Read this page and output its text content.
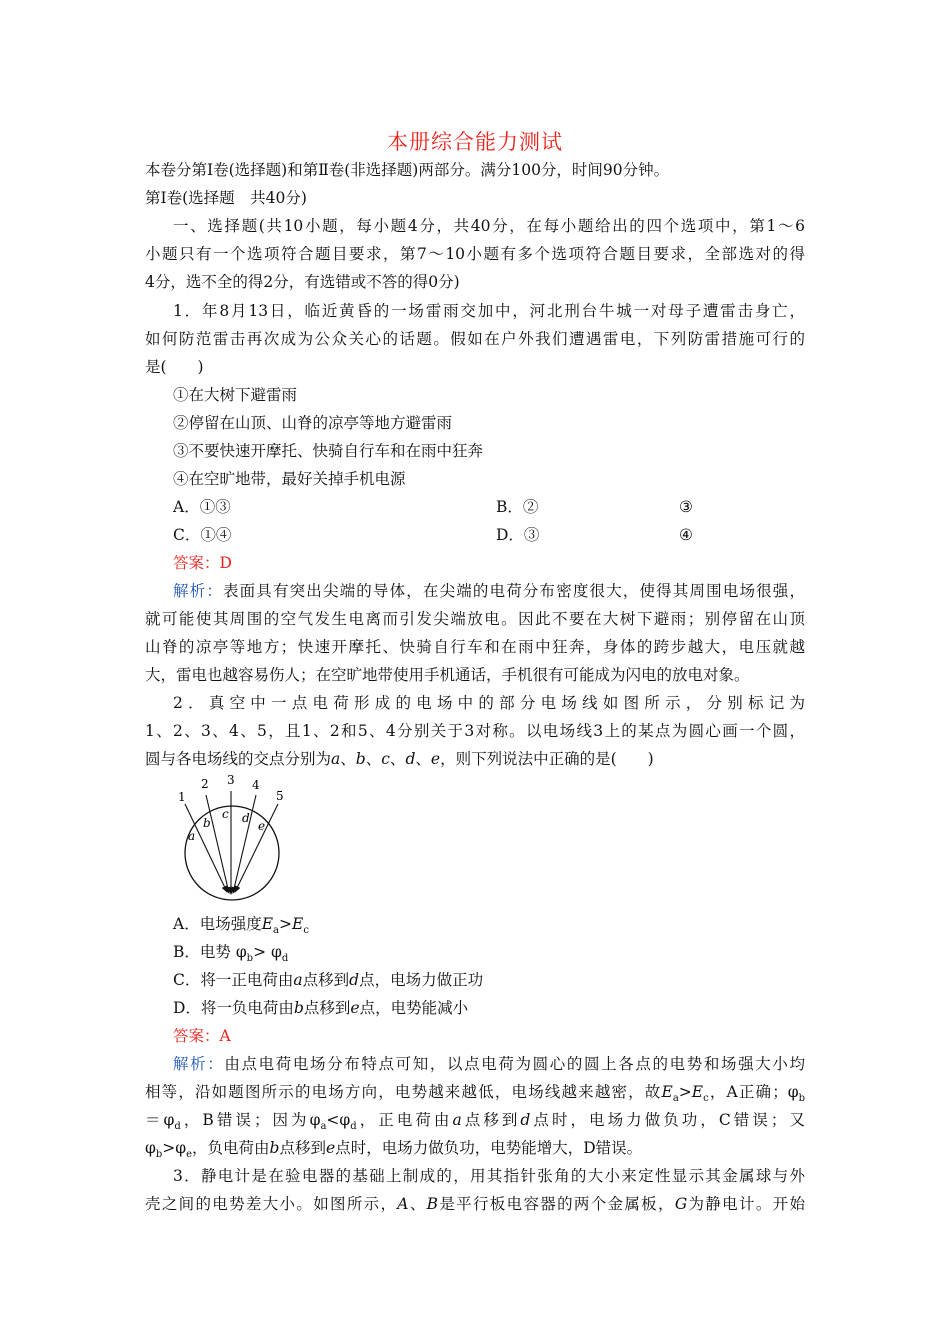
本册综合能力测试
本卷分第Ⅰ卷(选择题)和第Ⅱ卷(非选择题)两部分。满分100分，时间90分钟。
第Ⅰ卷(选择题　共40分)
一、选择题(共10小题，每小题4分，共40分，在每小题给出的四个选项中，第1～6
小题只有一个选项符合题目要求，第7～10小题有多个选项符合题目要求，全部选对的得
4分，选不全的得2分，有选错或不答的得0分)
1．年8月13日，临近黄昏的一场雷雨交加中，河北刑台牛城一对母子遭雷击身亡，
如何防范雷击再次成为公众关心的话题。假如在户外我们遭遇雷电，下列防雷措施可行的
是(　　)
①在大树下避雷雨
②停留在山顶、山脊的凉亭等地方避雷雨
③不要快速开摩托、快骑自行车和在雨中狂奔
④在空旷地带，最好关掉手机电源
A．①③	B．②	③
C．①④	D．③	④
答案：D
解析：表面具有突出尖端的导体，在尖端的电荷分布密度很大，使得其周围电场很强，
就可能使其周围的空气发生电离而引发尖端放电。因此不要在大树下避雨；别停留在山顶
山脊的凉亭等地方；快速开摩托、快骑自行车和在雨中狂奔，身体的跨步越大，电压就越
大，雷电也越容易伤人；在空旷地带使用手机通话，手机很有可能成为闪电的放电对象。
2．真空中一点电荷形成的电场中的部分电场线如图所示，分别标记为
1、2、3、4、5，且1、2和5、4分别关于3对称。以电场线3上的某点为圆心画一个圆，
圆与各电场线的交点分别为a、b、c、d、e，则下列说法中正确的是(　　)
1
2 3 4
5
a
b
c d
e
A．电场强度$E_a>E_c$
B．电势 $\varphi_b> \varphi_d$
C．将一正电荷由a点移到d点，电场力做正功
D．将一负电荷由b点移到e点，电势能减小
答案：A
解析：由点电荷电场分布特点可知，以点电荷为圆心的圆上各点的电势和场强大小均
相等，沿如题图所示的电场方向，电势越来越低，电场线越来越密，故$E_a>E_c$，A正确；$\varphi_b$
$=\varphi_d$，B错误；因为$\varphi_a<\varphi_d$，正电荷由a点移到d点时，电场力做负功，C错误；又
$\varphi_b>\varphi_e$，负电荷由b点移到e点时，电场力做负功，电势能增大，D错误。
3．静电计是在验电器的基础上制成的，用其指针张角的大小来定性显示其金属球与外
壳之间的电势差大小。如图所示，A、B是平行板电容器的两个金属板，G为静电计。开始
